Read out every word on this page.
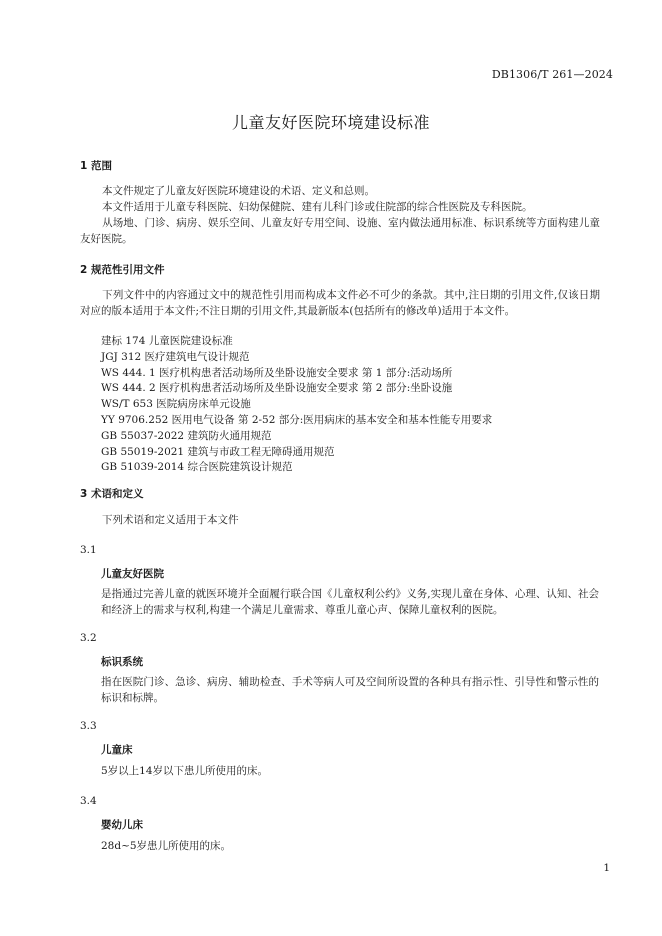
DB1306/T 261—2024
儿童友好医院环境建设标准
1 范围
本文件规定了儿童友好医院环境建设的术语、定义和总则。
本文件适用于儿童专科医院、妇幼保健院、建有儿科门诊或住院部的综合性医院及专科医院。
从场地、门诊、病房、娱乐空间、儿童友好专用空间、设施、室内做法通用标准、标识系统等方面构建儿童友好医院。
2 规范性引用文件
下列文件中的内容通过文中的规范性引用而构成本文件必不可少的条款。其中,注日期的引用文件,仅该日期对应的版本适用于本文件;不注日期的引用文件,其最新版本(包括所有的修改单)适用于本文件。
建标 174 儿童医院建设标准
JGJ 312 医疗建筑电气设计规范
WS 444. 1 医疗机构患者活动场所及坐卧设施安全要求 第 1 部分:活动场所
WS 444. 2 医疗机构患者活动场所及坐卧设施安全要求 第 2 部分:坐卧设施
WS/T 653 医院病房床单元设施
YY 9706.252 医用电气设备 第 2-52 部分:医用病床的基本安全和基本性能专用要求
GB 55037-2022 建筑防火通用规范
GB 55019-2021 建筑与市政工程无障碍通用规范
GB 51039-2014 综合医院建筑设计规范
3 术语和定义
下列术语和定义适用于本文件
3.1
儿童友好医院
是指通过完善儿童的就医环境并全面履行联合国《儿童权利公约》义务,实现儿童在身体、心理、认知、社会和经济上的需求与权利,构建一个满足儿童需求、尊重儿童心声、保障儿童权利的医院。
3.2
标识系统
指在医院门诊、急诊、病房、辅助检查、手术等病人可及空间所设置的各种具有指示性、引导性和警示性的标识和标牌。
3.3
儿童床
5岁以上14岁以下患儿所使用的床。
3.4
婴幼儿床
28d~5岁患儿所使用的床。
1
